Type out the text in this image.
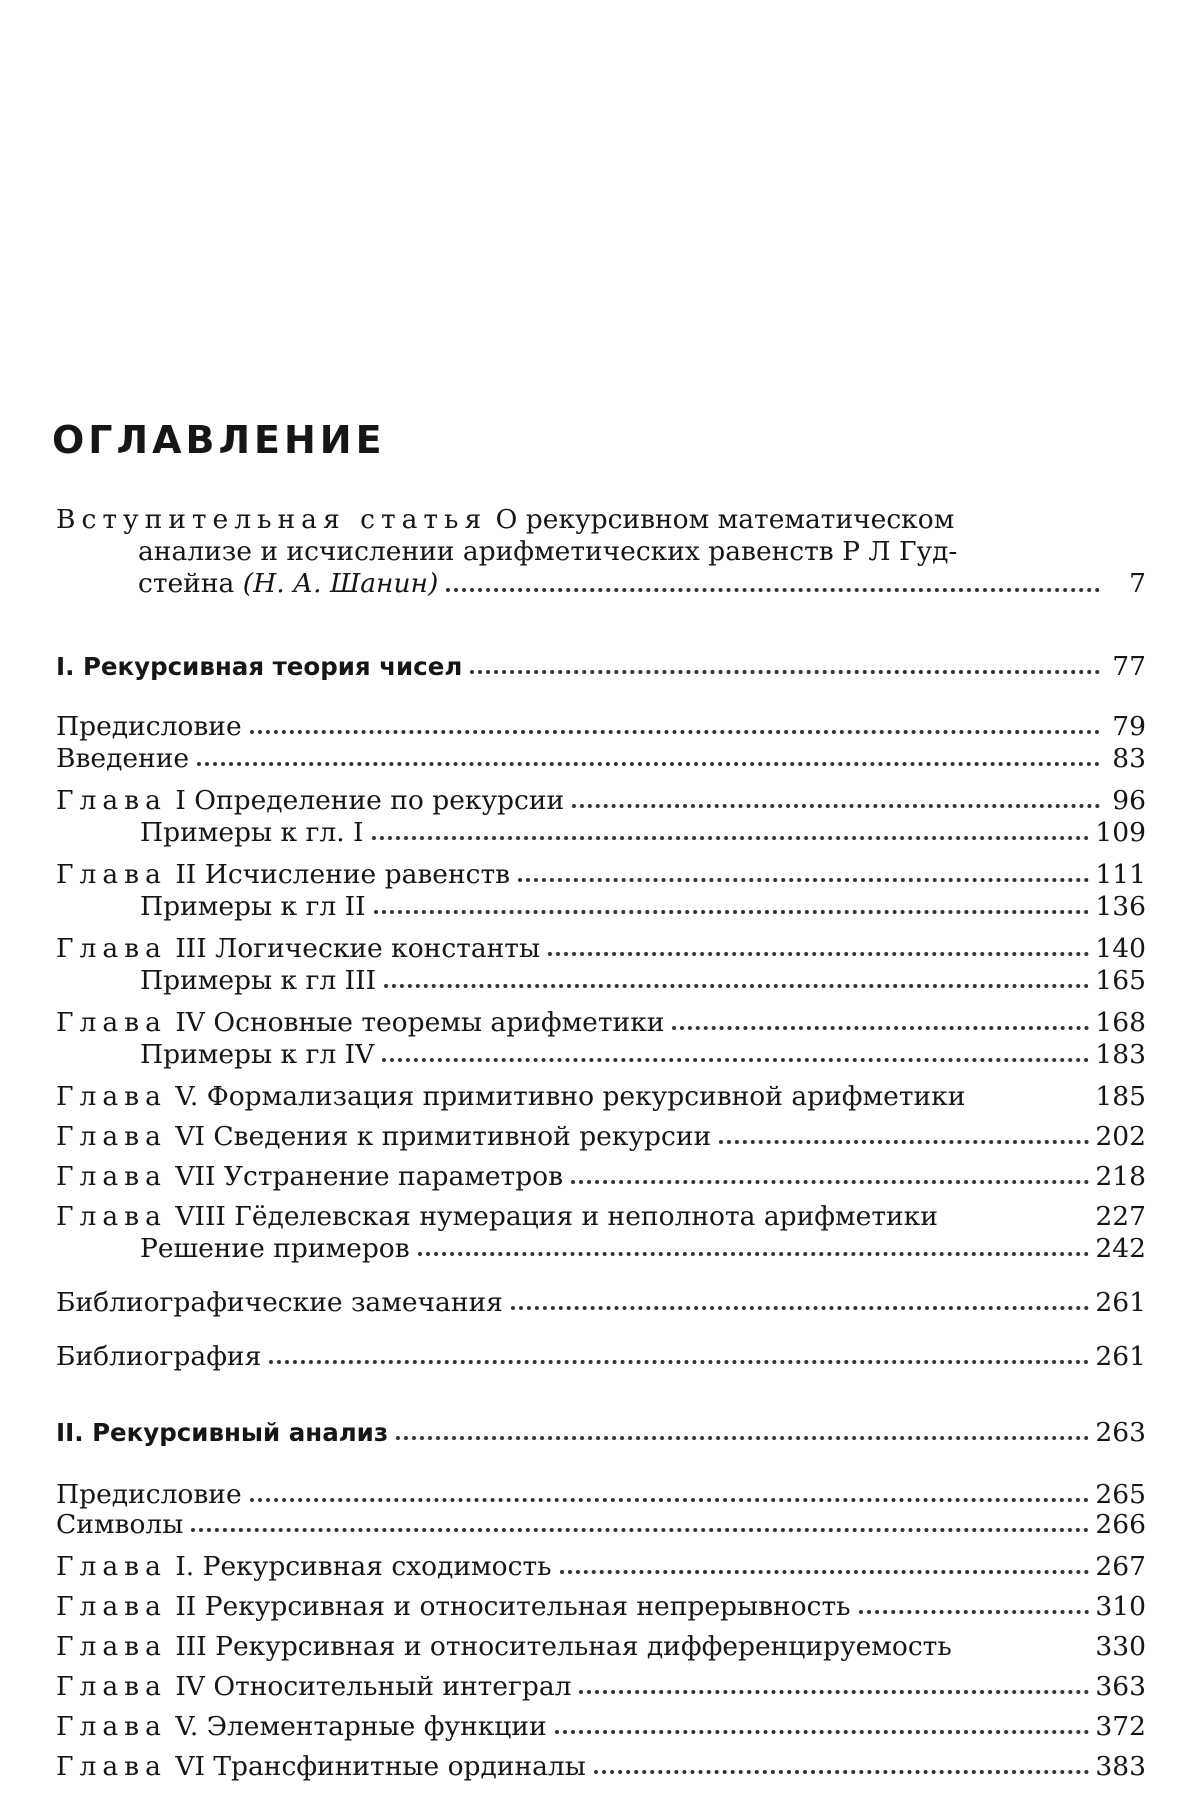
ОГЛАВЛЕНИЕ
Вступительная статья О рекурсивном математическом
анализе и исчислении арифметических равенств Р Л Гуд-
стейна (Н. А. Шанин)	7
I. Рекурсивная теория чисел	77
Предисловие	79
Введение	83
Глава I Определение по рекурсии	96
Примеры к гл. I	109
Глава II Исчисление равенств	111
Примеры к гл II	136
Глава III Логические константы	140
Примеры к гл III	165
Глава IV Основные теоремы арифметики	168
Примеры к гл IV	183
Глава V. Формализация примитивно рекурсивной арифметики	185
Глава VI Сведения к примитивной рекурсии	202
Глава VII Устранение параметров	218
Глава VIII Гёделевская нумерация и неполнота арифметики	227
Решение примеров	242
Библиографические замечания	261
Библиография	261
II. Рекурсивный анализ	263
Предисловие	265
Символы	266
Глава I. Рекурсивная сходимость	267
Глава II Рекурсивная и относительная непрерывность	310
Глава III Рекурсивная и относительная дифференцируемость	330
Глава IV Относительный интеграл	363
Глава V. Элементарные функции	372
Глава VI Трансфинитные ординалы	383
